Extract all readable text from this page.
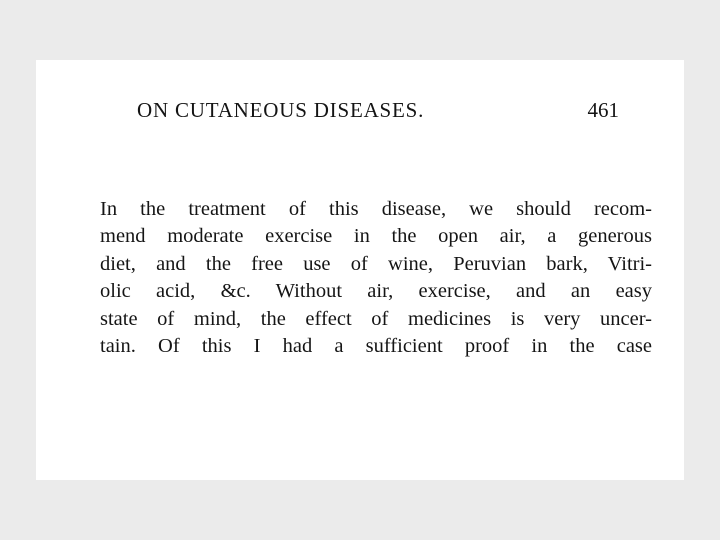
ON CUTANEOUS DISEASES.	461
In the treatment of this disease, we should recom-
mend moderate exercise in the open air, a generous
diet, and the free use of wine, Peruvian bark, Vitri-
olic acid, &c. Without air, exercise, and an easy
state of mind, the effect of medicines is very uncer-
tain. Of this I had a sufficient proof in the case
